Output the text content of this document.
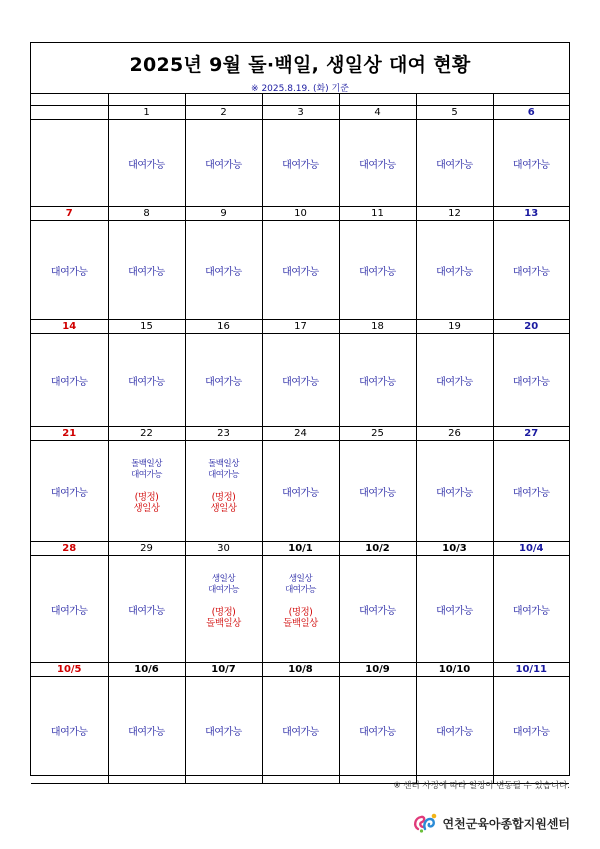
2025년 9월 돌·백일, 생일상 대여 현황
※ 2025.8.19. (화) 기준

	1	2	3	4	5	6
	대여가능	대여가능	대여가능	대여가능	대여가능	대여가능
7	8	9	10	11	12	13
대여가능	대여가능	대여가능	대여가능	대여가능	대여가능	대여가능
14	15	16	17	18	19	20
대여가능	대여가능	대여가능	대여가능	대여가능	대여가능	대여가능
21	22	23	24	25	26	27
대여가능	돌백일상
대여가능
(명정)
생일상	돌백일상
대여가능
(명정)
생일상	대여가능	대여가능	대여가능	대여가능
28	29	30	10/1	10/2	10/3	10/4
대여가능	대여가능	생일상
대여가능
(명정)
돌백일상	생일상
대여가능
(명정)
돌백일상	대여가능	대여가능	대여가능
10/5	10/6	10/7	10/8	10/9	10/10	10/11
대여가능	대여가능	대여가능	대여가능	대여가능	대여가능	대여가능
※ 센터 사정에 따라 일정이 변동될 수 있습니다.
연천군육아종합지원센터
